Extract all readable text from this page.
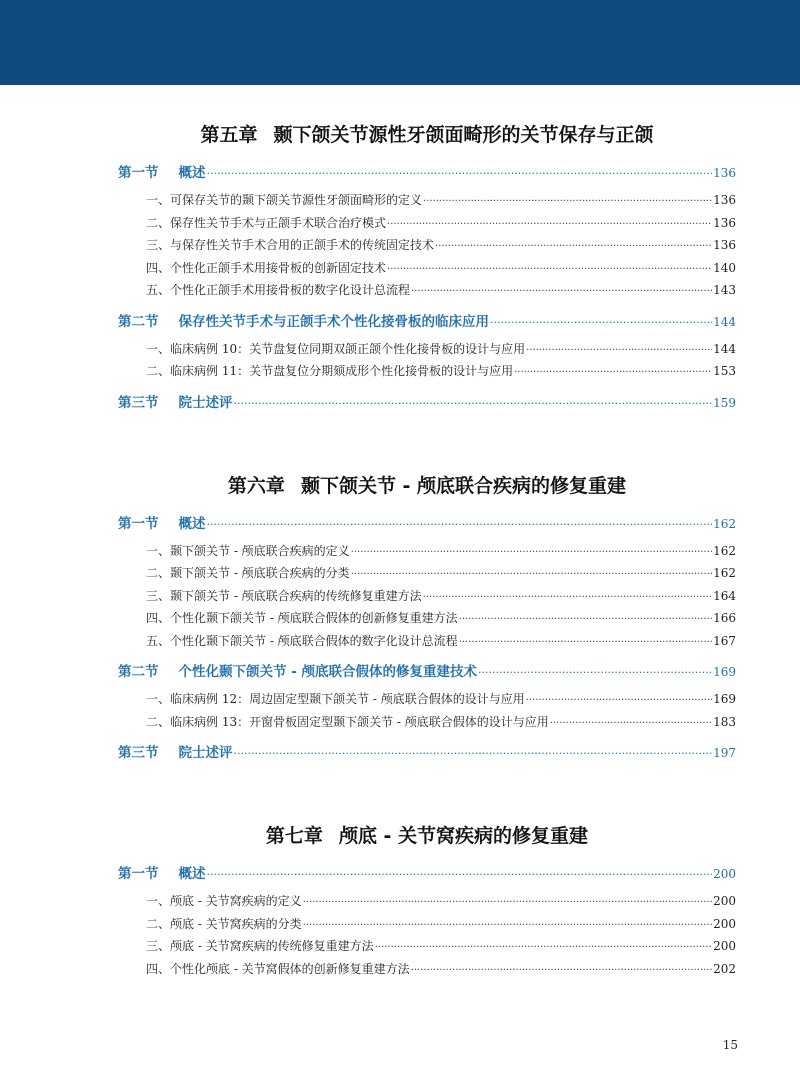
第五章 颞下颌关节源性牙颌面畸形的关节保存与正颌
第一节 概述 ·····	136
一、可保存关节的颞下颌关节源性牙颌面畸形的定义 ·····	136
二、保存性关节手术与正颌手术联合治疗模式 ·····	136
三、与保存性关节手术合用的正颌手术的传统固定技术 ·····	136
四、个性化正颌手术用接骨板的创新固定技术 ·····	140
五、个性化正颌手术用接骨板的数字化设计总流程 ·····	143
第二节 保存性关节手术与正颌手术个性化接骨板的临床应用 ·····	144
一、临床病例 10：关节盘复位同期双颌正颌个性化接骨板的设计与应用 ·····	144
二、临床病例 11：关节盘复位分期颏成形个性化接骨板的设计与应用 ·····	153
第三节 院士述评 ·····	159
第六章 颞下颌关节 - 颅底联合疾病的修复重建
第一节 概述 ·····	162
一、颞下颌关节 - 颅底联合疾病的定义 ·····	162
二、颞下颌关节 - 颅底联合疾病的分类 ·····	162
三、颞下颌关节 - 颅底联合疾病的传统修复重建方法 ·····	164
四、个性化颞下颌关节 - 颅底联合假体的创新修复重建方法 ·····	166
五、个性化颞下颌关节 - 颅底联合假体的数字化设计总流程 ·····	167
第二节 个性化颞下颌关节 - 颅底联合假体的修复重建技术 ·····	169
一、临床病例 12：周边固定型颞下颌关节 - 颅底联合假体的设计与应用 ·····	169
二、临床病例 13：开窗骨板固定型颞下颌关节 - 颅底联合假体的设计与应用 ·····	183
第三节 院士述评 ·····	197
第七章 颅底 - 关节窝疾病的修复重建
第一节 概述 ·····	200
一、颅底 - 关节窝疾病的定义 ·····	200
二、颅底 - 关节窝疾病的分类 ·····	200
三、颅底 - 关节窝疾病的传统修复重建方法 ·····	200
四、个性化颅底 - 关节窝假体的创新修复重建方法 ·····	202
15
